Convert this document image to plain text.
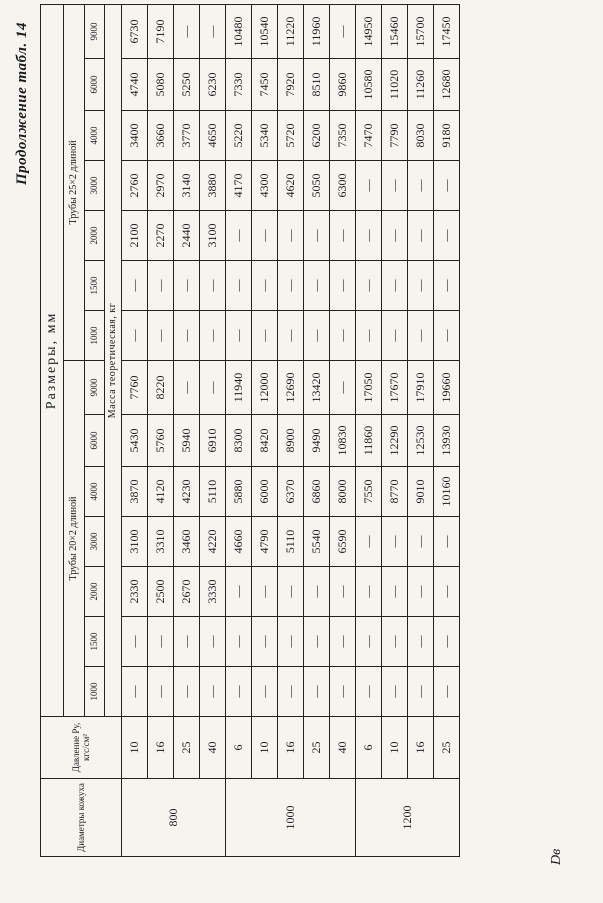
Продолжение табл. 14
Dв
Диаметры кожуха	Давление Pу, кгс/см²	Размеры, мм													
		Трубы 20×2 длиной							Трубы 25×2 длиной						
		1000	1500	2000	3000	4000	6000	9000	1000	1500	2000	3000	4000	6000	9000
		Масса теоретическая, кг													
800	10	—	—	2330	3100	3870	5430	7760	—	—	2100	2760	3400	4740	6730
	16	—	—	2500	3310	4120	5760	8220	—	—	2270	2970	3660	5080	7190
	25	—	—	2670	3460	4230	5940	—	—	—	2440	3140	3770	5250	—
	40	—	—	3330	4220	5110	6910	—	—	—	3100	3880	4650	6230	—
1000	6	—	—	—	4660	5880	8300	11940	—	—	—	4170	5220	7330	10480
	10	—	—	—	4790	6000	8420	12000	—	—	—	4300	5340	7450	10540
	16	—	—	—	5110	6370	8900	12690	—	—	—	4620	5720	7920	11220
	25	—	—	—	5540	6860	9490	13420	—	—	—	5050	6200	8510	11960
	40	—	—	—	6590	8000	10830	—	—	—	—	6300	7350	9860	—
1200	6	—	—	—	—	7550	11860	17050	—	—	—	—	7470	10580	14950
	10	—	—	—	—	8770	12290	17670	—	—	—	—	7790	11020	15460
	16	—	—	—	—	9010	12530	17910	—	—	—	—	8030	11260	15700
	25	—	—	—	—	10160	13930	19660	—	—	—	—	9180	12680	17450
